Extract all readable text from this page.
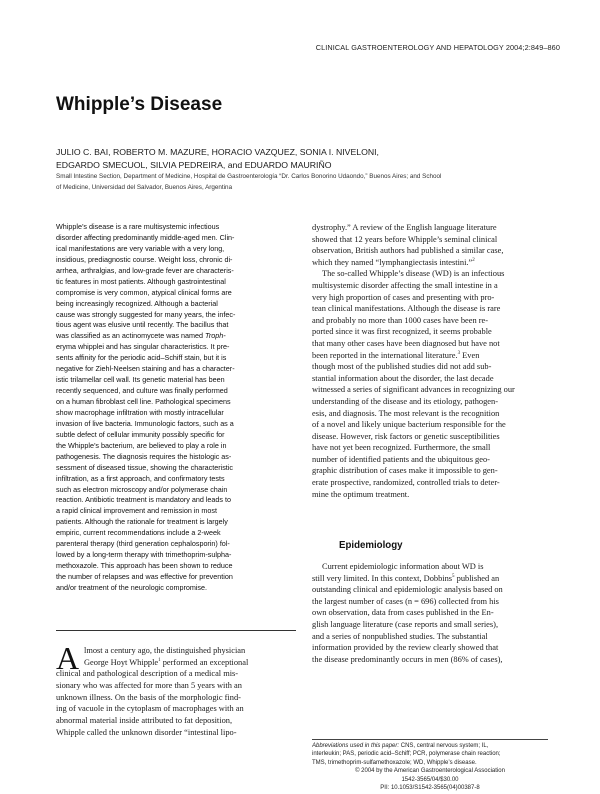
CLINICAL GASTROENTEROLOGY AND HEPATOLOGY 2004;2:849–860
Whipple’s Disease
JULIO C. BAI, ROBERTO M. MAZURE, HORACIO VAZQUEZ, SONIA I. NIVELONI,
EDGARDO SMECUOL, SILVIA PEDREIRA, and EDUARDO MAURIÑO
Small Intestine Section, Department of Medicine, Hospital de Gastroenterología “Dr. Carlos Bonorino Udaondo,” Buenos Aires; and School
of Medicine, Universidad del Salvador, Buenos Aires, Argentina
Whipple’s disease is a rare multisystemic infectious
disorder affecting predominantly middle-aged men. Clin-
ical manifestations are very variable with a very long,
insidious, prediagnostic course. Weight loss, chronic di-
arrhea, arthralgias, and low-grade fever are characteris-
tic features in most patients. Although gastrointestinal
compromise is very common, atypical clinical forms are
being increasingly recognized. Although a bacterial
cause was strongly suggested for many years, the infec-
tious agent was elusive until recently. The bacillus that
was classified as an actinomycete was named Troph-
eryma whipplei and has singular characteristics. It pre-
sents affinity for the periodic acid–Schiff stain, but it is
negative for Ziehl-Neelsen staining and has a character-
istic trilamellar cell wall. Its genetic material has been
recently sequenced, and culture was finally performed
on a human fibroblast cell line. Pathological specimens
show macrophage infiltration with mostly intracellular
invasion of live bacteria. Immunologic factors, such as a
subtle defect of cellular immunity possibly specific for
the Whipple’s bacterium, are believed to play a role in
pathogenesis. The diagnosis requires the histologic as-
sessment of diseased tissue, showing the characteristic
infiltration, as a first approach, and confirmatory tests
such as electron microscopy and/or polymerase chain
reaction. Antibiotic treatment is mandatory and leads to
a rapid clinical improvement and remission in most
patients. Although the rationale for treatment is largely
empiric, current recommendations include a 2-week
parenteral therapy (third generation cephalosporin) fol-
lowed by a long-term therapy with trimethoprim-sulpha-
methoxazole. This approach has been shown to reduce
the number of relapses and was effective for prevention
and/or treatment of the neurologic compromise.
A lmost a century ago, the distinguished physician
George Hoyt Whipple$^1$ performed an exceptional
clinical and pathological description of a medical mis-
sionary who was affected for more than 5 years with an
unknown illness. On the basis of the morphologic find-
ing of vacuole in the cytoplasm of macrophages with an
abnormal material inside attributed to fat deposition,
Whipple called the unknown disorder “intestinal lipo-
dystrophy.” A review of the English language literature
showed that 12 years before Whipple’s seminal clinical
observation, British authors had published a similar case,
which they named “lymphangiectasis intestini.”$^2$
The so-called Whipple’s disease (WD) is an infectious
multisystemic disorder affecting the small intestine in a
very high proportion of cases and presenting with pro-
tean clinical manifestations. Although the disease is rare
and probably no more than 1000 cases have been re-
ported since it was first recognized, it seems probable
that many other cases have been diagnosed but have not
been reported in the international literature.$^3$ Even
though most of the published studies did not add sub-
stantial information about the disorder, the last decade
witnessed a series of significant advances in recognizing our
understanding of the disease and its etiology, pathogen-
esis, and diagnosis. The most relevant is the recognition
of a novel and likely unique bacterium responsible for the
disease. However, risk factors or genetic susceptibilities
have not yet been recognized. Furthermore, the small
number of identified patients and the ubiquitous geo-
graphic distribution of cases make it impossible to gen-
erate prospective, randomized, controlled trials to deter-
mine the optimum treatment.
Epidemiology
Current epidemiologic information about WD is
still very limited. In this context, Dobbins$^5$ published an
outstanding clinical and epidemiologic analysis based on
the largest number of cases (n = 696) collected from his
own observation, data from cases published in the En-
glish language literature (case reports and small series),
and a series of nonpublished studies. The substantial
information provided by the review clearly showed that
the disease predominantly occurs in men (86% of cases),
Abbreviations used in this paper: CNS, central nervous system; IL,
interleukin; PAS, periodic acid–Schiff; PCR, polymerase chain reaction;
TMS, trimethoprim-sulfamethoxazole; WD, Whipple’s disease.
© 2004 by the American Gastroenterological Association
1542-3565/04/$30.00
PII: 10.1053/S1542-3565(04)00387-8
